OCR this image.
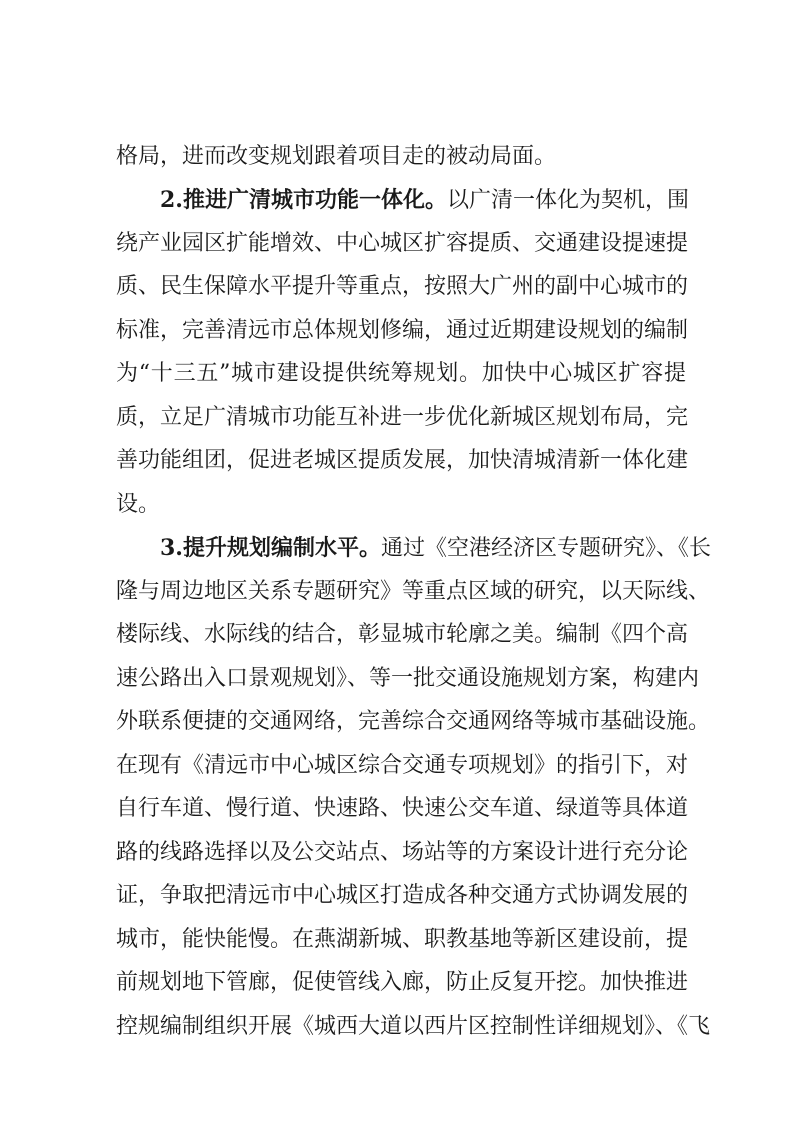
格局，进而改变规划跟着项目走的被动局面。
2.推进广清城市功能一体化。以广清一体化为契机，围
绕产业园区扩能增效、中心城区扩容提质、交通建设提速提
质、民生保障水平提升等重点，按照大广州的副中心城市的
标准，完善清远市总体规划修编，通过近期建设规划的编制
为“十三五”城市建设提供统筹规划。加快中心城区扩容提
质，立足广清城市功能互补进一步优化新城区规划布局，完
善功能组团，促进老城区提质发展，加快清城清新一体化建
设。
3.提升规划编制水平。通过《空港经济区专题研究》、《长
隆与周边地区关系专题研究》等重点区域的研究，以天际线、
楼际线、水际线的结合，彰显城市轮廓之美。编制《四个高
速公路出入口景观规划》、等一批交通设施规划方案，构建内
外联系便捷的交通网络，完善综合交通网络等城市基础设施。
在现有《清远市中心城区综合交通专项规划》的指引下，对
自行车道、慢行道、快速路、快速公交车道、绿道等具体道
路的线路选择以及公交站点、场站等的方案设计进行充分论
证，争取把清远市中心城区打造成各种交通方式协调发展的
城市，能快能慢。在燕湖新城、职教基地等新区建设前，提
前规划地下管廊，促使管线入廊，防止反复开挖。加快推进
控规编制组织开展《城西大道以西片区控制性详细规划》、《飞
